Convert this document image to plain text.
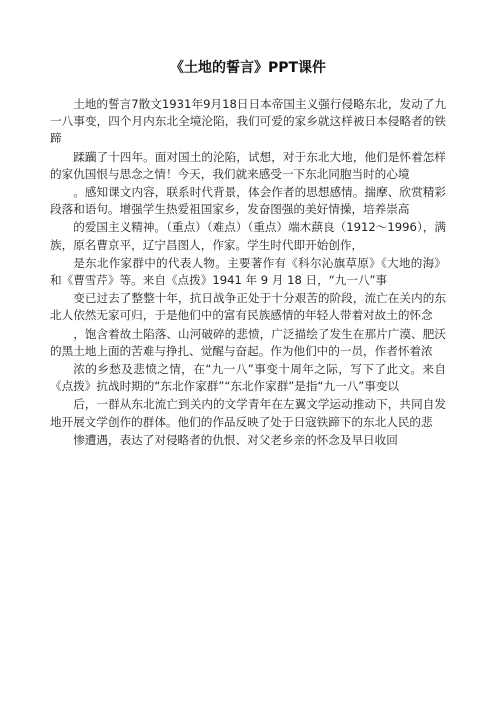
《土地的誓言》PPT课件
土地的誓言7散文1931年9月18日日本帝国主义强行侵略东北，发动了九一八事变，四个月内东北全境沦陷，我们可爱的家乡就这样被日本侵略者的铁蹄
蹂躏了十四年。面对国土的沦陷，试想，对于东北大地，他们是怀着怎样的家仇国恨与思念之情！今天，我们就来感受一下东北同胞当时的心境
。感知课文内容，联系时代背景，体会作者的思想感情。揣摩、欣赏精彩段落和语句。增强学生热爱祖国家乡，发奋图强的美好情操，培养崇高
的爱国主义精神。（重点）（难点）（重点）端木蕻良（1912～1996），满族，原名曹京平，辽宁昌图人，作家。学生时代即开始创作，
是东北作家群中的代表人物。主要著作有《科尔沁旗草原》《大地的海》和《曹雪芹》等。来自《点拨》1941 年 9 月 18 日，“九一八”事
变已过去了整整十年，抗日战争正处于十分艰苦的阶段，流亡在关内的东北人依然无家可归，于是他们中的富有民族感情的年轻人带着对故土的怀念
，饱含着故土陷落、山河破碎的悲愤，广泛描绘了发生在那片广漠、肥沃的黑土地上面的苦难与挣扎、觉醒与奋起。作为他们中的一员，作者怀着浓
浓的乡愁及悲愤之情，在“九一八”事变十周年之际，写下了此文。来自《点拨》抗战时期的“东北作家群”“东北作家群”是指“九一八”事变以
后，一群从东北流亡到关内的文学青年在左翼文学运动推动下，共同自发地开展文学创作的群体。他们的作品反映了处于日寇铁蹄下的东北人民的悲
惨遭遇，表达了对侵略者的仇恨、对父老乡亲的怀念及早日收回
